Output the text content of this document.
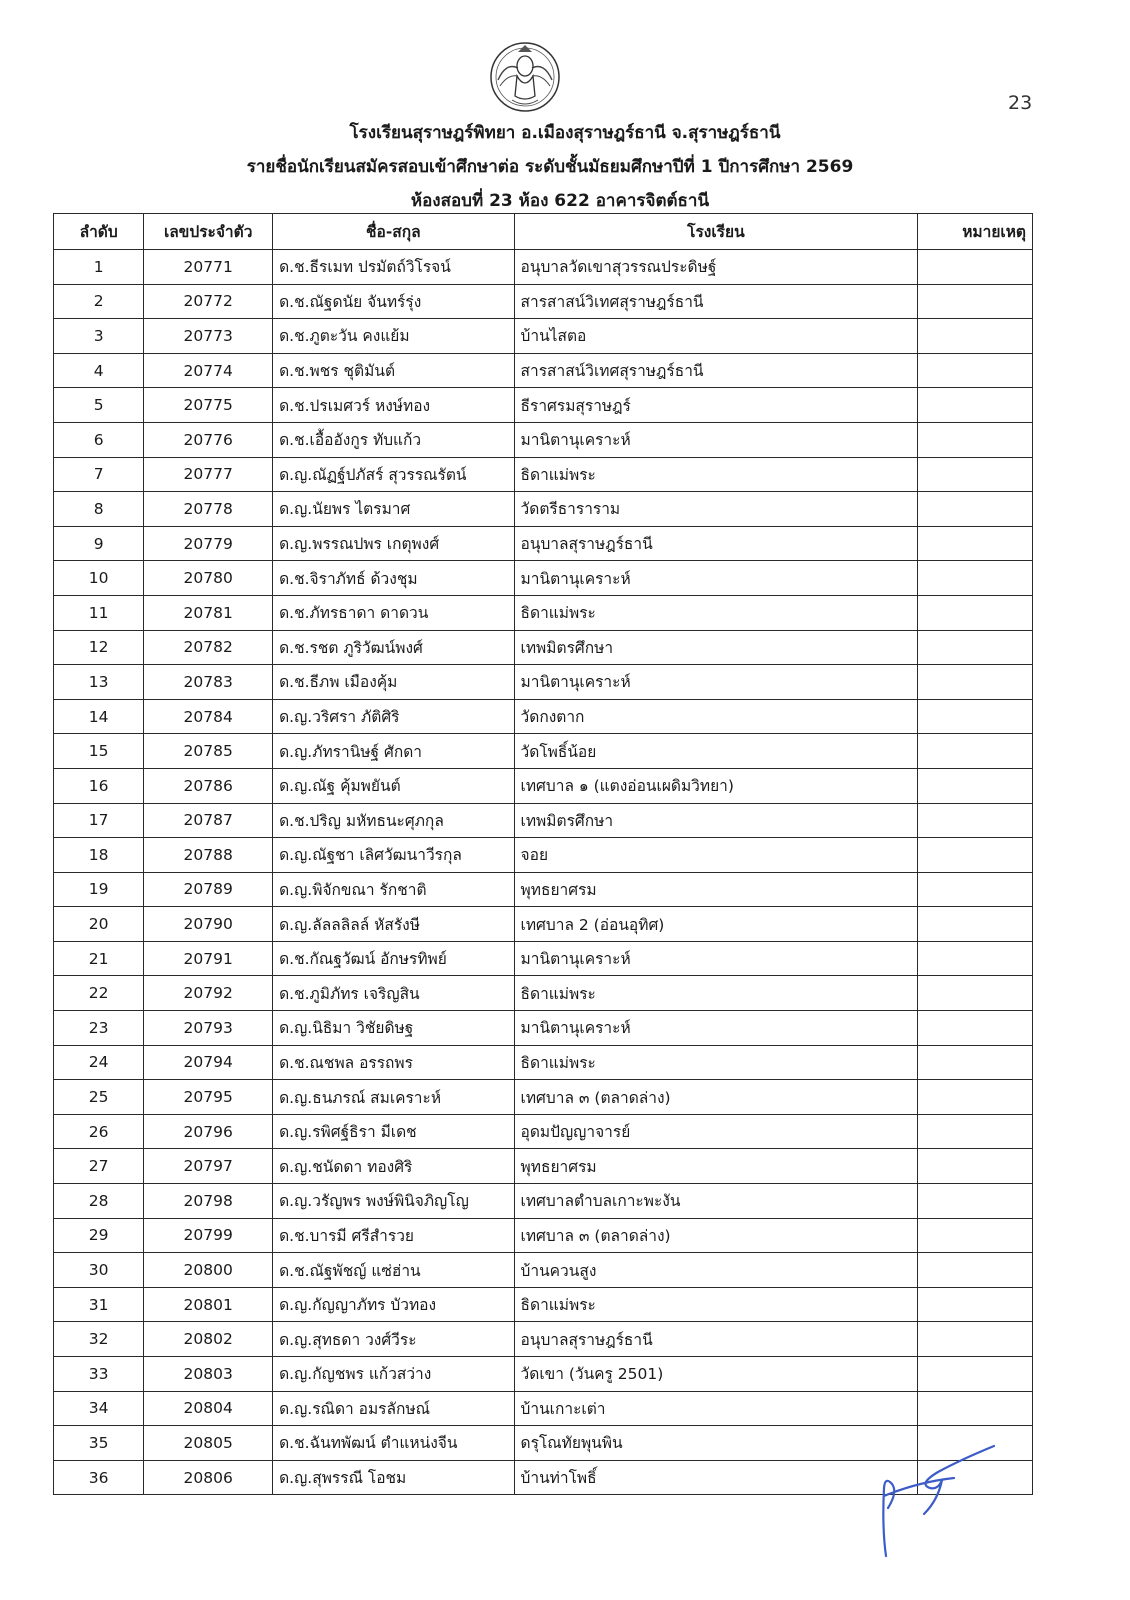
23
โรงเรียนสุราษฎร์พิทยา อ.เมืองสุราษฎร์ธานี จ.สุราษฎร์ธานี
รายชื่อนักเรียนสมัครสอบเข้าศึกษาต่อ ระดับชั้นมัธยมศึกษาปีที่ 1 ปีการศึกษา 2569
ห้องสอบที่ 23 ห้อง 622 อาคารจิตต์ธานี
ลำดับ	เลขประจำตัว	ชื่อ-สกุล	โรงเรียน	หมายเหตุ
1	20771	ด.ช.ธีรเมท ปรมัตถ์วิโรจน์	อนุบาลวัดเขาสุวรรณประดิษฐ์	
2	20772	ด.ช.ณัฐดนัย จันทร์รุ่ง	สารสาสน์วิเทศสุราษฎร์ธานี	
3	20773	ด.ช.ภูตะวัน คงแย้ม	บ้านไสตอ	
4	20774	ด.ช.พชร ชุติมันต์	สารสาสน์วิเทศสุราษฎร์ธานี	
5	20775	ด.ช.ปรเมศวร์ หงษ์ทอง	ธีราศรมสุราษฎร์	
6	20776	ด.ช.เอื้ออังกูร ทับแก้ว	มานิตานุเคราะห์	
7	20777	ด.ญ.ณัฏฐ์ปภัสร์ สุวรรณรัตน์	ธิดาแม่พระ	
8	20778	ด.ญ.นัยพร ไตรมาศ	วัดตรีธาราราม	
9	20779	ด.ญ.พรรณปพร เกตุพงศ์	อนุบาลสุราษฎร์ธานี	
10	20780	ด.ช.จิราภัทธ์ ด้วงชุม	มานิตานุเคราะห์	
11	20781	ด.ช.ภัทรธาดา ดาดวน	ธิดาแม่พระ	
12	20782	ด.ช.รชต ภูริวัฒน์พงศ์	เทพมิตรศึกษา	
13	20783	ด.ช.ธีภพ เมืองคุ้ม	มานิตานุเคราะห์	
14	20784	ด.ญ.วริศรา ภัติศิริ	วัดกงตาก	
15	20785	ด.ญ.ภัทรานิษฐ์ ศักดา	วัดโพธิ์น้อย	
16	20786	ด.ญ.ณัฐ คุ้มพยันต์	เทศบาล ๑ (แตงอ่อนเผดิมวิทยา)	
17	20787	ด.ช.ปริญ มหัทธนะศุภกุล	เทพมิตรศึกษา	
18	20788	ด.ญ.ณัฐชา เลิศวัฒนาวีรกุล	จอย	
19	20789	ด.ญ.พิจักขณา รักชาติ	พุทธยาศรม	
20	20790	ด.ญ.ลัลลลิลล์ หัสรังษี	เทศบาล 2 (อ่อนอุทิศ)	
21	20791	ด.ช.กัณฐวัฒน์ อักษรทิพย์	มานิตานุเคราะห์	
22	20792	ด.ช.ภูมิภัทร เจริญสิน	ธิดาแม่พระ	
23	20793	ด.ญ.นิธิมา วิชัยดิษฐ	มานิตานุเคราะห์	
24	20794	ด.ช.ณชพล อรรถพร	ธิดาแม่พระ	
25	20795	ด.ญ.ธนภรณ์ สมเคราะห์	เทศบาล ๓ (ตลาดล่าง)	
26	20796	ด.ญ.รพิศฐ์ธิรา มีเดช	อุดมปัญญาจารย์	
27	20797	ด.ญ.ชนัดดา ทองศิริ	พุทธยาศรม	
28	20798	ด.ญ.วรัญพร พงษ์พินิจภิญโญ	เทศบาลตำบลเกาะพะงัน	
29	20799	ด.ช.บารมี ศรีสำรวย	เทศบาล ๓ (ตลาดล่าง)	
30	20800	ด.ช.ณัฐพัชญ์ แซ่ฮ่าน	บ้านควนสูง	
31	20801	ด.ญ.กัญญาภัทร บัวทอง	ธิดาแม่พระ	
32	20802	ด.ญ.สุทธดา วงศ์วีระ	อนุบาลสุราษฎร์ธานี	
33	20803	ด.ญ.กัญชพร แก้วสว่าง	วัดเขา (วันครู 2501)	
34	20804	ด.ญ.รณิดา อมรลักษณ์	บ้านเกาะเต่า	
35	20805	ด.ช.ฉันทพัฒน์ ตำแหน่งจีน	ดรุโณทัยพุนพิน	
36	20806	ด.ญ.สุพรรณี โอชม	บ้านท่าโพธิ์	
